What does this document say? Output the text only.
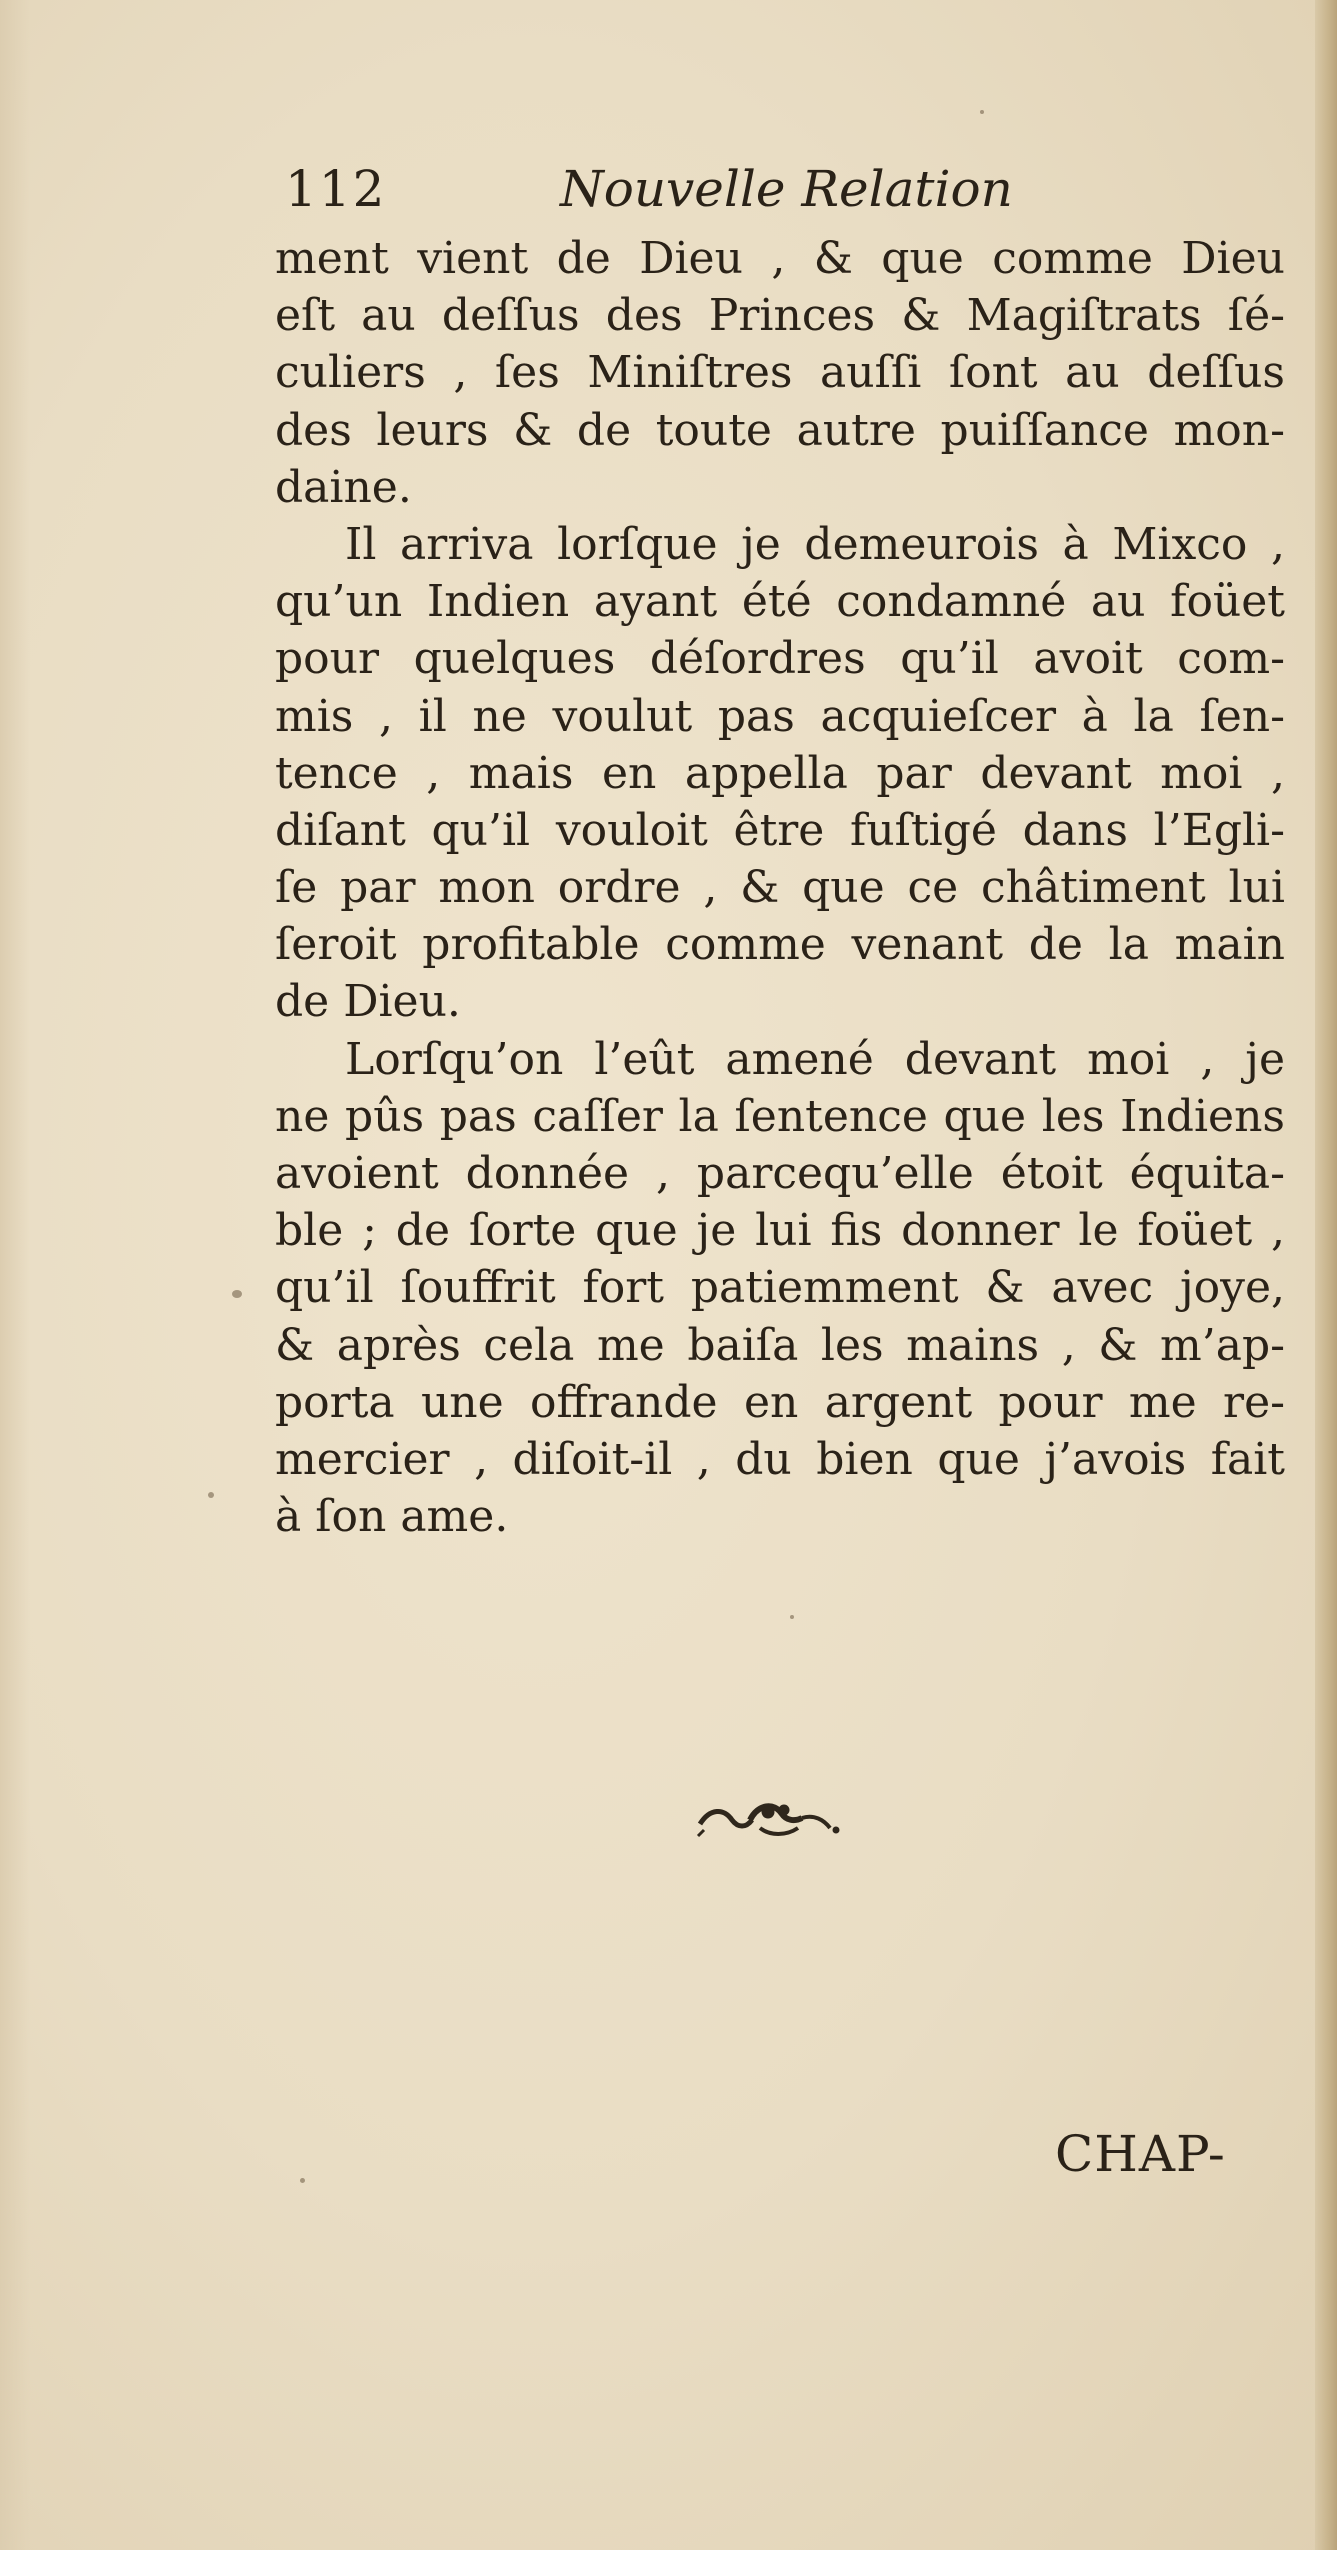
112	Nouvelle Relation
ment vient de Dieu , & que comme Dieu
eſt au deſſus des Princes & Magiſtrats ſé-
culiers , ſes Miniſtres auſſi ſont au deſſus
des leurs & de toute autre puiſſance mon-
daine.
Il arriva lorſque je demeurois à Mixco ,
qu’un Indien ayant été condamné au foüet
pour quelques déſordres qu’il avoit com-
mis , il ne voulut pas acquieſcer à la ſen-
tence , mais en appella par devant moi ,
diſant qu’il vouloit être fuſtigé dans l’Egli-
ſe par mon ordre , & que ce châtiment lui
ſeroit profitable comme venant de la main
de Dieu.
Lorſqu’on l’eût amené devant moi , je
ne pûs pas caſſer la ſentence que les Indiens
avoient donnée , parcequ’elle étoit équita-
ble ; de ſorte que je lui fis donner le foüet ,
qu’il ſouffrit fort patiemment & avec joye,
& après cela me baiſa les mains , & m’ap-
porta une offrande en argent pour me re-
mercier , diſoit-il , du bien que j’avois fait
à ſon ame.
CHAP-
